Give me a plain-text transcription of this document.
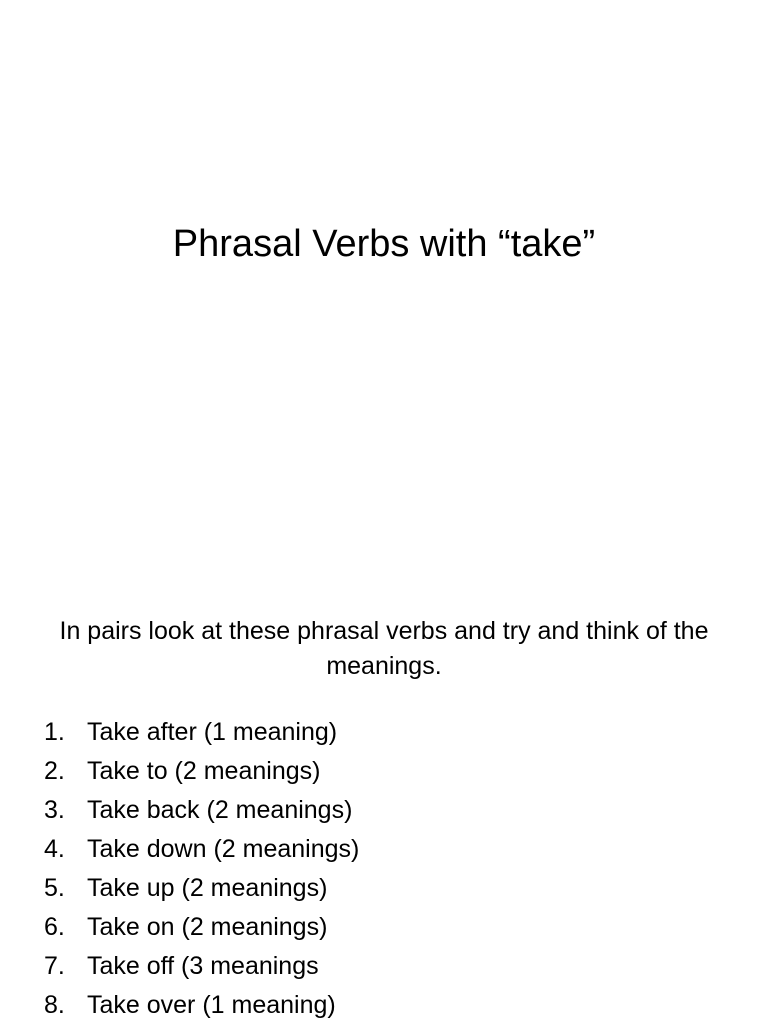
Phrasal Verbs with “take”

In pairs look at these phrasal verbs and try and think of the meanings.

1. Take after (1 meaning)
2. Take to (2 meanings)
3. Take back (2 meanings)
4. Take down (2 meanings)
5. Take up (2 meanings)
6. Take on (2 meanings)
7. Take off (3 meanings
8. Take over (1 meaning)
